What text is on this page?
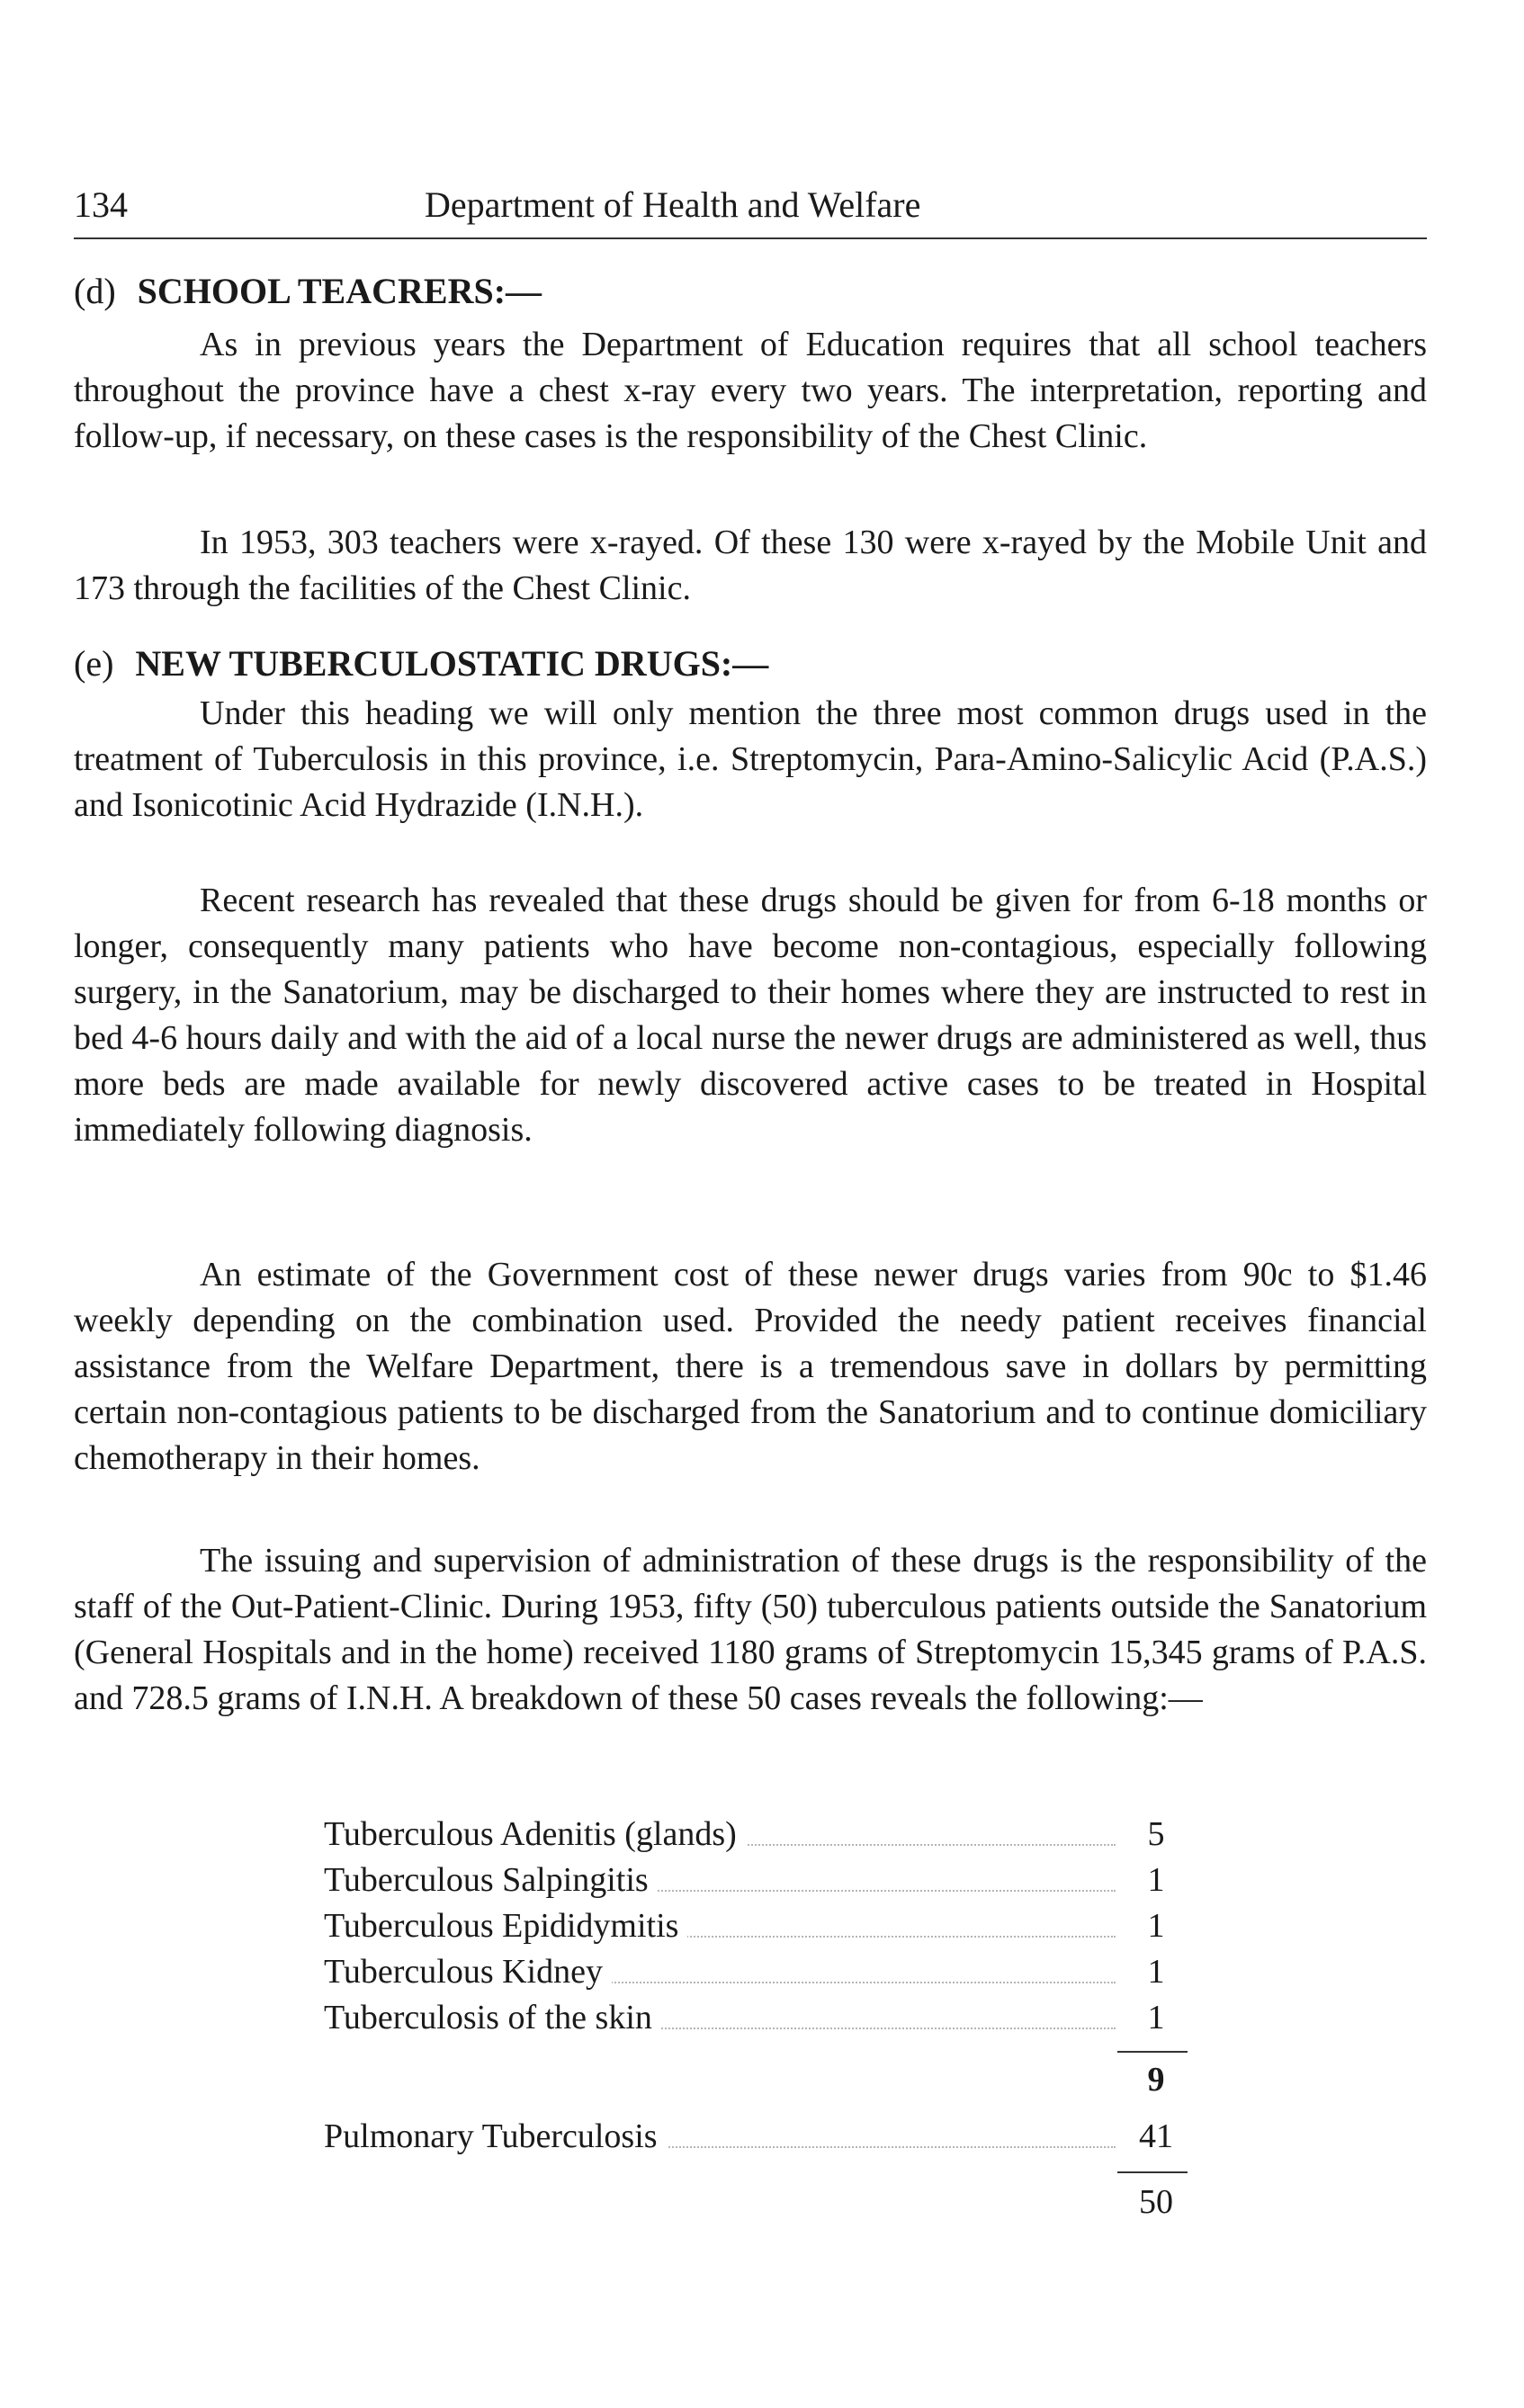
134	Department of Health and Welfare
(d) SCHOOL TEACRERS:—

As in previous years the Department of Education requires that all school teachers throughout the province have a chest x-ray every two years. The interpretation, reporting and follow-up, if necessary, on these cases is the responsibility of the Chest Clinic.

In 1953, 303 teachers were x-rayed. Of these 130 were x-rayed by the Mobile Unit and 173 through the facilities of the Chest Clinic.

(e) NEW TUBERCULOSTATIC DRUGS:—

Under this heading we will only mention the three most common drugs used in the treatment of Tuberculosis in this province, i.e. Streptomycin, Para-Amino-Salicylic Acid (P.A.S.) and Isonicotinic Acid Hydrazide (I.N.H.).

Recent research has revealed that these drugs should be given for from 6-18 months or longer, consequently many patients who have become non-contagious, especially following surgery, in the Sanatorium, may be discharged to their homes where they are instructed to rest in bed 4-6 hours daily and with the aid of a local nurse the newer drugs are administered as well, thus more beds are made available for newly discovered active cases to be treated in Hospital immediately following diagnosis.

An estimate of the Government cost of these newer drugs varies from 90c to $1.46 weekly depending on the combination used. Provided the needy patient receives financial assistance from the Welfare Department, there is a tremendous save in dollars by permitting certain non-contagious patients to be discharged from the Sanatorium and to continue domiciliary chemotherapy in their homes.

The issuing and supervision of administration of these drugs is the responsibility of the staff of the Out-Patient-Clinic. During 1953, fifty (50) tuberculous patients outside the Sanatorium (General Hospitals and in the home) received 1180 grams of Streptomycin 15,345 grams of P.A.S. and 728.5 grams of I.N.H. A breakdown of these 50 cases reveals the following:—

Tuberculous Adenitis (glands)	5
Tuberculous Salpingitis	1
Tuberculous Epididymitis	1
Tuberculous Kidney	1
Tuberculosis of the skin	1
9
Pulmonary Tuberculosis	41
50
